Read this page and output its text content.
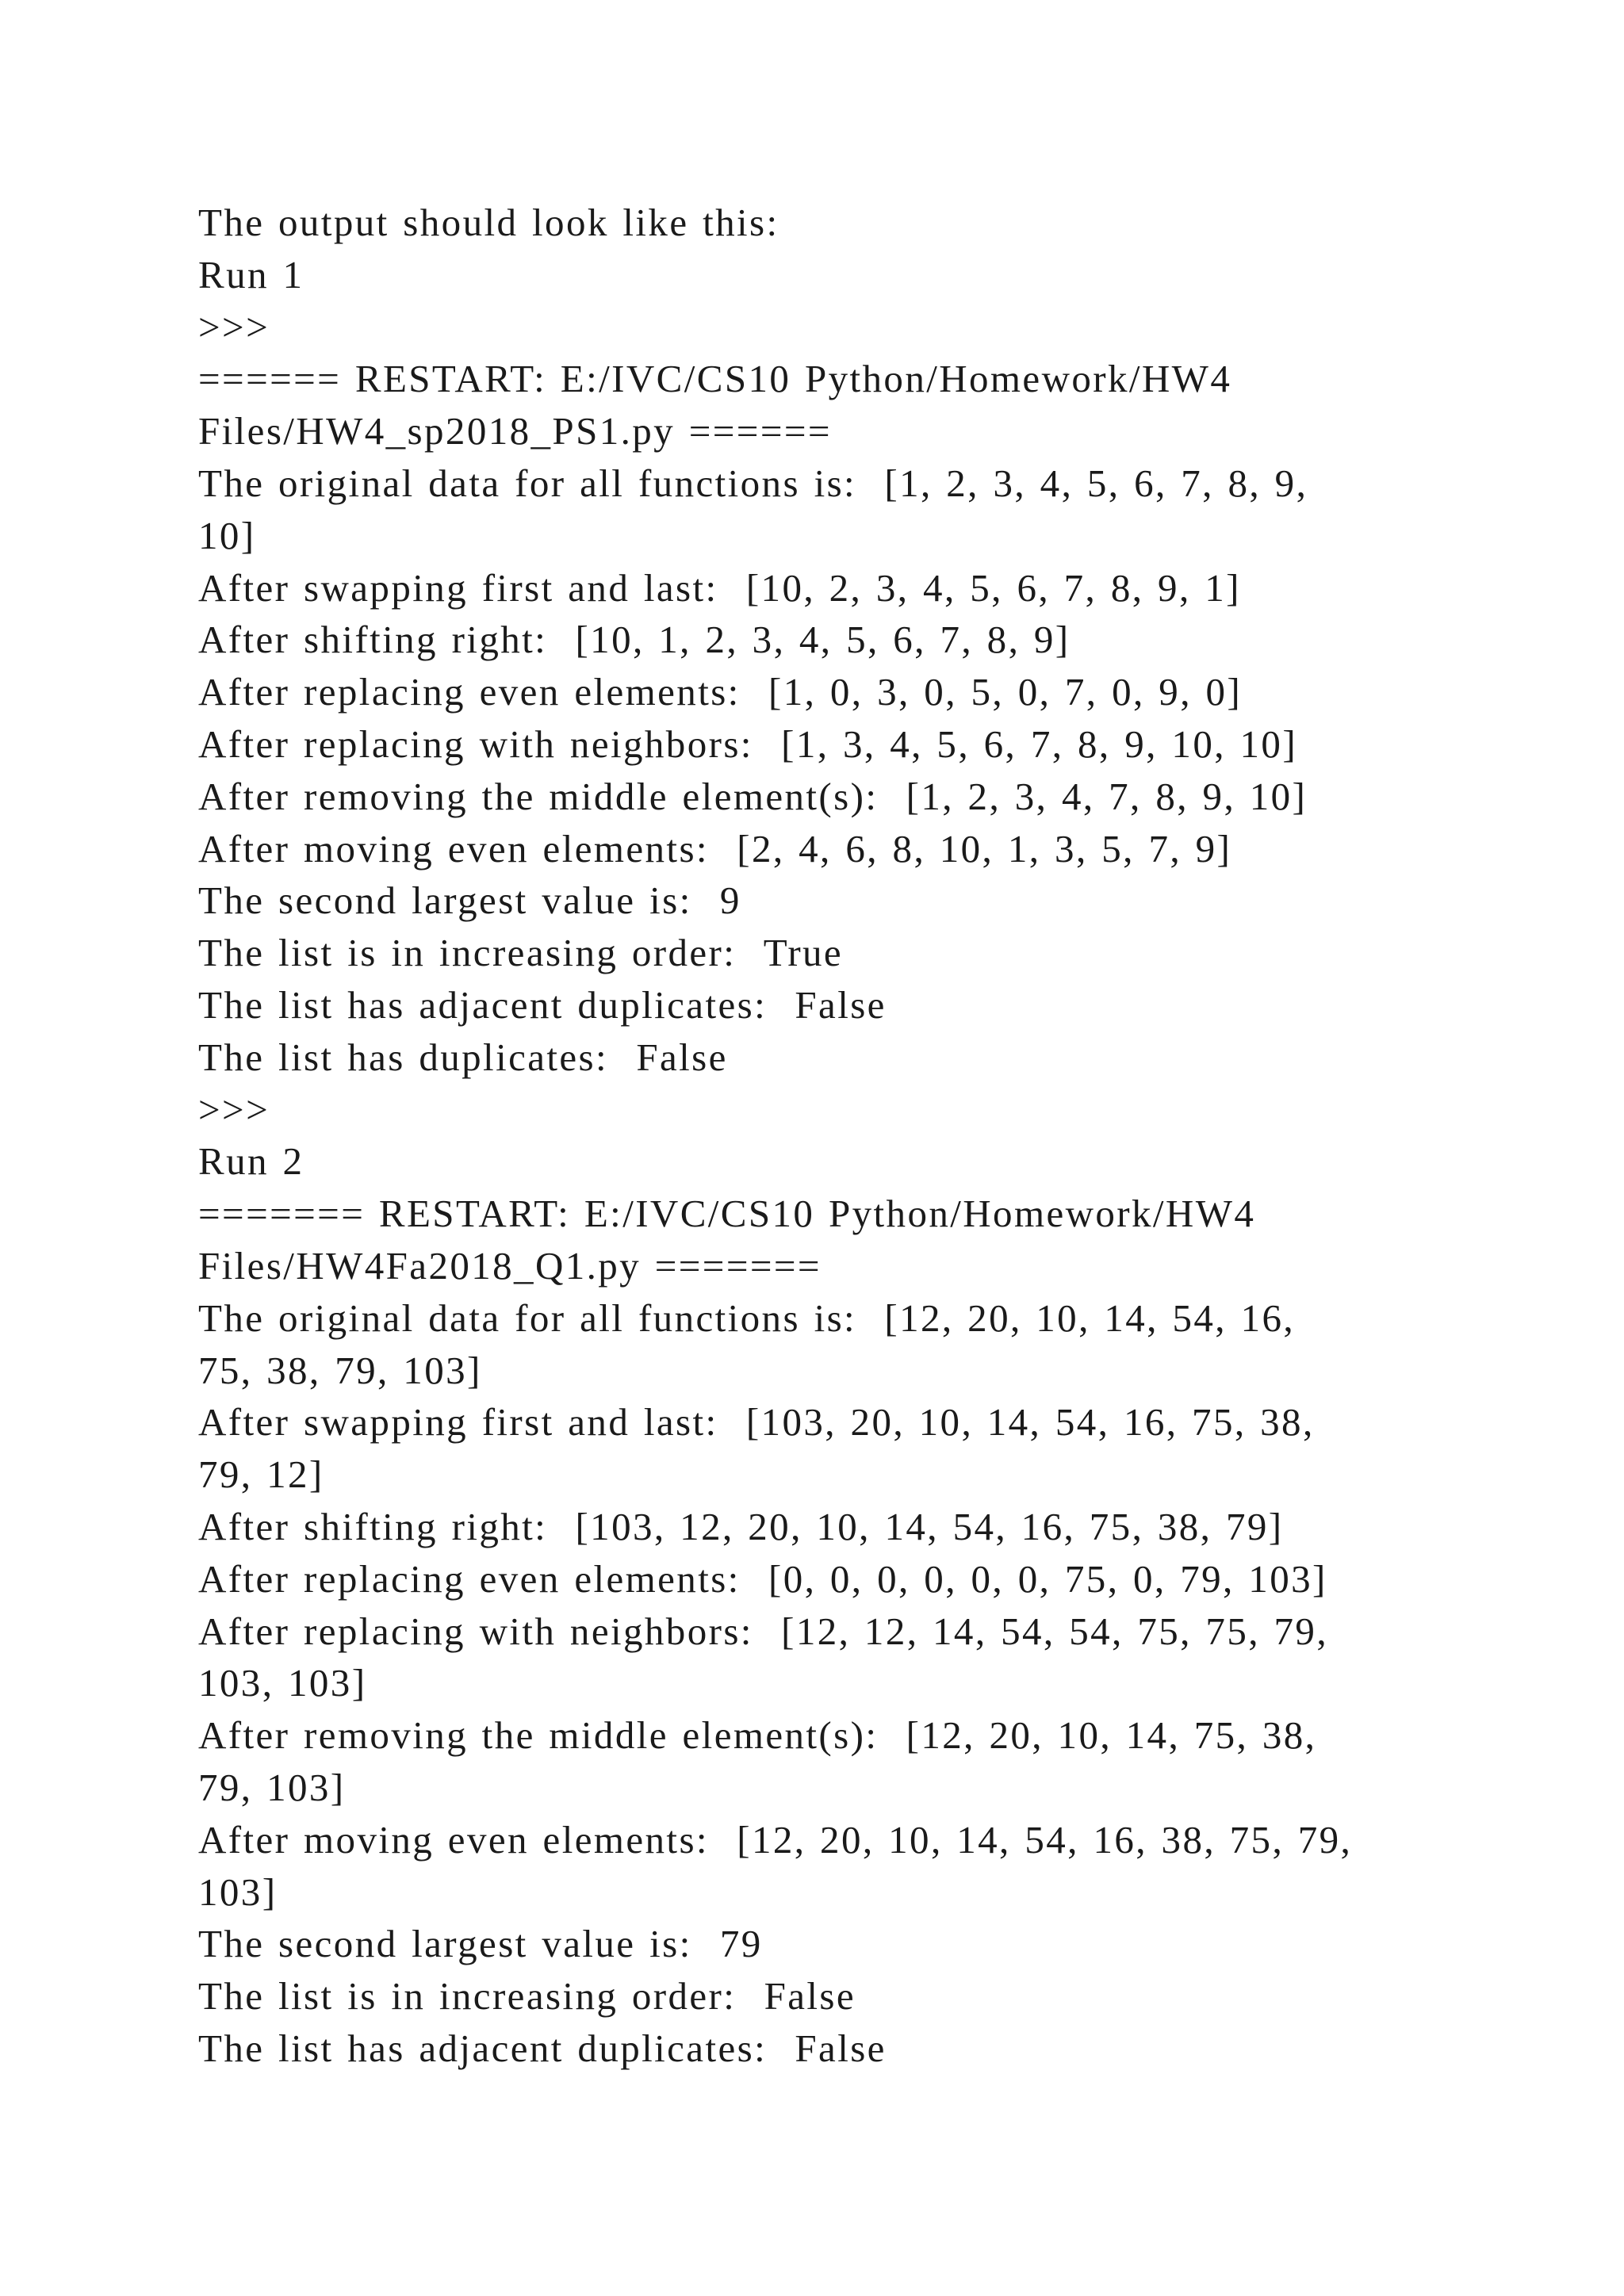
The output should look like this:
Run 1
>>>
====== RESTART: E:/IVC/CS10 Python/Homework/HW4
Files/HW4_sp2018_PS1.py ======
The original data for all functions is:  [1, 2, 3, 4, 5, 6, 7, 8, 9,
10]
After swapping first and last:  [10, 2, 3, 4, 5, 6, 7, 8, 9, 1]
After shifting right:  [10, 1, 2, 3, 4, 5, 6, 7, 8, 9]
After replacing even elements:  [1, 0, 3, 0, 5, 0, 7, 0, 9, 0]
After replacing with neighbors:  [1, 3, 4, 5, 6, 7, 8, 9, 10, 10]
After removing the middle element(s):  [1, 2, 3, 4, 7, 8, 9, 10]
After moving even elements:  [2, 4, 6, 8, 10, 1, 3, 5, 7, 9]
The second largest value is:  9
The list is in increasing order:  True
The list has adjacent duplicates:  False
The list has duplicates:  False
>>>
Run 2
======= RESTART: E:/IVC/CS10 Python/Homework/HW4
Files/HW4Fa2018_Q1.py =======
The original data for all functions is:  [12, 20, 10, 14, 54, 16,
75, 38, 79, 103]
After swapping first and last:  [103, 20, 10, 14, 54, 16, 75, 38,
79, 12]
After shifting right:  [103, 12, 20, 10, 14, 54, 16, 75, 38, 79]
After replacing even elements:  [0, 0, 0, 0, 0, 0, 75, 0, 79, 103]
After replacing with neighbors:  [12, 12, 14, 54, 54, 75, 75, 79,
103, 103]
After removing the middle element(s):  [12, 20, 10, 14, 75, 38,
79, 103]
After moving even elements:  [12, 20, 10, 14, 54, 16, 38, 75, 79,
103]
The second largest value is:  79
The list is in increasing order:  False
The list has adjacent duplicates:  False
